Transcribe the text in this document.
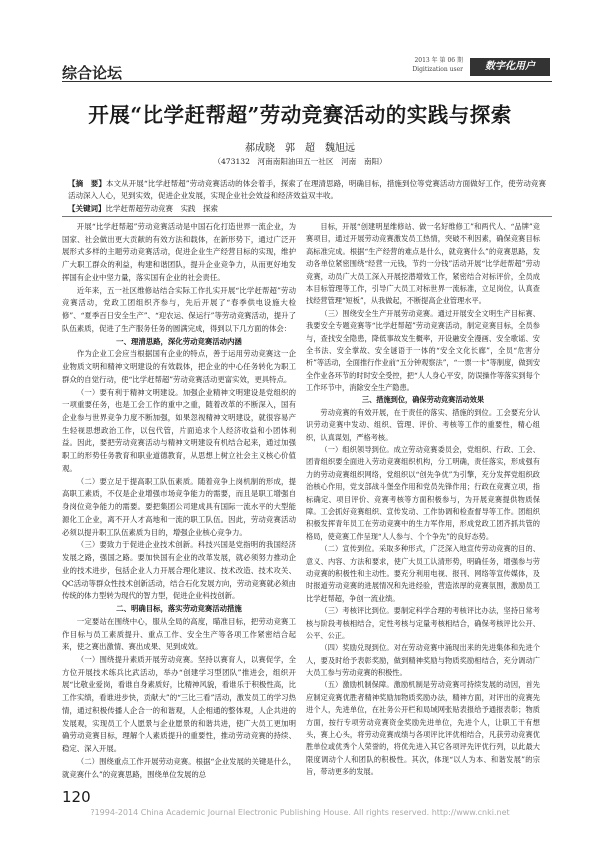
综合论坛
2013 年 第 06 期
Digitization user	数字化用户
开展“比学赶帮超”劳动竞赛活动的实践与探索
郝成晓　郭　超　魏旭远
（473132　河南南阳油田五一社区　河南　南阳）
【摘　要】本文从开展“比学赶帮超”劳动竞赛活动的体会着手，探索了在理清思路，明确目标，措施到位等党赛活动方面做好工作，使劳动竞赛活动深入人心，见到实效，促进企业发展，实现企业社会效益和经济效益双丰收。
【关键词】比学赶帮超劳动竞赛　实践　探索

开展“比学赶帮超”劳动竞赛活动是中国石化打造世界一流企业，为国家、社会做出更大贡献的有效方法和载体，在新形势下，通过广泛开展形式多样的主题劳动竞赛活动，促进企业生产经营目标的实现，维护广大职工群众的利益，构建和谐团队，提升企业竞争力，从而更好地发挥国有企业中坚力量，落实国有企业的社会责任。

近年来，五一社区维修站结合实际工作扎实开展“比学赶帮超”劳动竞赛活动，党政工团组织齐参与，先后开展了“春季供电设施大检修”、“夏季百日安全生产”、“迎农运、保运行”等劳动竞赛活动，提升了队伍素质，促进了生产服务任务的圆满完成，得到以下几方面的体会：

一、理清思路，深化劳动竞赛活动内涵

作为企业工会应当根据国有企业的特点，善于运用劳动竞赛这一企业物质文明和精神文明建设的有效载体，把企业的中心任务转化为职工群众的自觉行动，使“比学赶帮超”劳动竞赛活动更富实效，更具特点。

（一）要有利于精神文明建设。加强企业精神文明建设是党组织的一项重要任务，也是工会工作的重中之重，随着改革的不断深入，国有企业参与世界竞争力度不断加强，如果忽视精神文明建设，就很容易产生轻视思想政治工作，以包代管，片面追求个人经济收益和小团体利益。因此，要把劳动竞赛活动与精神文明建设有机结合起来，通过加强职工的形势任务教育和职业道德教育，从思想上树立社会主义核心价值观。

（二）要立足于提高职工队伍素质。随着竞争上岗机制的形成，提高职工素质，不仅是企业增强市场竞争能力的需要，而且是职工增强自身岗位竞争能力的需要。要把集团公司建成具有国际一流水平的大型能源化工企业，离不开人才高地和一流的职工队伍。因此，劳动竞赛活动必须以提升职工队伍素质为目的，增强企业核心竞争力。

（三）要致力于促进企业技术创新。科技兴国是党指明的我国经济发展之路，强国之路。要加快国有企业的改革发展，就必须努力推动企业的技术进步，包括企业人力开展合理化建议、技术改造、技术攻关、QC活动等群众性技术创新活动，结合石化发展方向，劳动竞赛就必须由传统的体力型转为现代的智力型，促进企业科技创新。

二、明确目标，落实劳动竞赛活动措施

一定要站在围绕中心，服从全局的高度，瞄准目标，把劳动竞赛工作目标与员工素质提升、重点工作、安全生产等各项工作紧密结合起来，使之赛出激情、赛出成果、见到成效。

（一）围绕提升素质开展劳动竞赛。坚持以赛育人，以赛促学，全方位开展技术练兵比武活动，举办“创建学习型团队”推进会，组织开展“比敬业爱岗，看谁自身素质好，比精神风貌，看谁乐于积极性高，比工作实绩，看谁进步快，贡献大”的“三比三看”活动，激发员工的学习热情，通过积极传播人企合一的和谐观，人企相通的整体观，人企共进的发展观，实现员工个人愿景与企业愿景的和谐共进，使广大员工更加明确劳动竞赛目标，理解个人素质提升的重要性，推动劳动竞赛的持续、稳定、深入开展。

（二）围绕重点工作开展劳动竞赛。根据“企业发展的关键是什么，就竞赛什么”的竞赛思路，围绕单位发展的总

目标，开展“创建明星维修站、做一名好维修工”和两代人、“品牌”竞赛项目，通过开展劳动竞赛激发员工热情，突破不利因素，确保竞赛目标高标准完成。根据“生产经营的难点是什么，就竞赛什么”的竞赛思路，发动各单位紧密围绕“经营一元钱，节约一分钱”活动开展“比学赶帮超”劳动竞赛，动员广大员工深入开展挖潜增效工作，紧密结合对标评价，全员成本目标管理等工作，引导广大员工对标世界一流标准，立足岗位，认真查找经营管理“短板”，从我做起，不断提高企业管理水平。

（三）围绕安全生产开展劳动竞赛。通过开展安全文明生产目标赛、我要安全专题竞赛等“比学赶帮超”劳动竞赛活动，制定竞赛目标，全员参与，查找安全隐患，降低事故发生概率，开设融安全漫画、安全歌谣、安全书法、安全掌故、安全谜语于一体的“安全文化长廊”，全员“危害分析”等活动，全面推行作业前“五分钟观察法”，“一票一卡”等制度，做到安全作业各环节的时时安全受控，把“人人身心平安，防误操作等落实到每个工作环节中，消除安全生产隐患。

三、措施到位，确保劳动竞赛活动效果

劳动竞赛的有效开展，在于责任的落实、措施的到位。工会要充分认识劳动竞赛中发动、组织、管理、评价、考核等工作的重要性，精心组织，认真谋划，严格考核。

（一）组织领导到位。成立劳动竞赛委员会，党组织、行政、工会、团青组织要全面进入劳动竞赛组织机构，分工明确，责任落实，形成强有力的劳动竞赛组织网络，党组织以“创先争优”为引擎，充分发挥党组织政治核心作用，党支部战斗堡垒作用和党员先锋作用；行政在竞赛立项，指标确定、项目评价、竞赛考核等方面积极参与，为开展竞赛提供物质保障。工会抓好竞赛组织、宣传发动、工作协调和检查督导等工作。团组织积极发挥青年员工在劳动竞赛中的生力军作用，形成党政工团齐抓共管的格局，使竞赛工作呈现“人人参与、个个争先”的良好态势。

（二）宣传到位。采取多种形式，广泛深入地宣传劳动竞赛的目的、意义、内容、方法和要求，使广大员工认清形势，明确任务，增强参与劳动竞赛的积极性和主动性。要充分利用电视、报刊、网络等宣传媒体，及时报道劳动竞赛的进展情况和先进经验，营造浓厚的竞赛氛围，激励员工比学赶帮超，争创一流业绩。

（三）考核评比到位。要制定科学合理的考核评比办法，坚持日常考核与阶段考核相结合，定性考核与定量考核相结合，确保考核评比公开、公平、公正。

（四）奖励兑现到位。对在劳动竞赛中涌现出来的先进集体和先进个人，要及时给予表彰奖励，做到精神奖励与物质奖励相结合，充分调动广大员工参与劳动竞赛的积极性。

（五）激励机制保障。激励机制是劳动竞赛可持续发展的动因，首先应制定竞赛优胜者精神奖励加物质奖励办法，精神方面，对评出的竞赛先进个人，先进单位，在社务公开栏和局域网张贴表报给予通报表彰；物质方面，按行专项劳动竞赛资金奖励先进单位，先进个人，让职工干有想头，赛上心头，将劳动竞赛成绩与各项评比评优相结合，凡获劳动竞赛优胜单位或优秀个人荣誉的，将优先进入其它各项评先评优行列，以此最大限度调动个人和团队的积极性。其次，体现“以人为本、和谐发展”的宗旨，带动更多的发展。

120
?1994-2014 China Academic Journal Electronic Publishing House. All rights reserved. http://www.cnki.net
